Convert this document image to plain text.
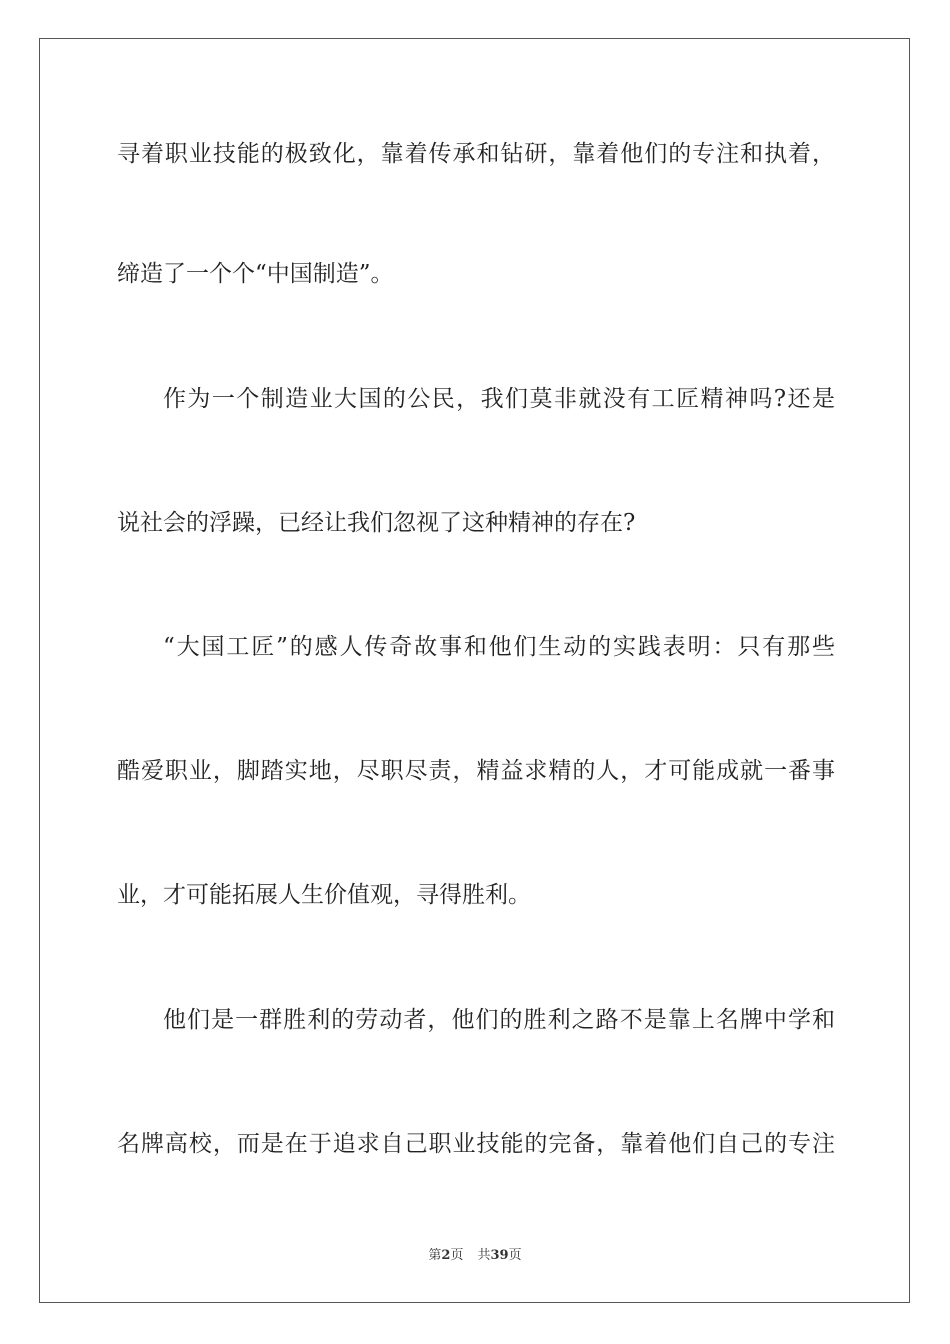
寻着职业技能的极致化，靠着传承和钻研，靠着他们的专注和执着，
缔造了一个个“中国制造”。
作为一个制造业大国的公民，我们莫非就没有工匠精神吗?还是
说社会的浮躁，已经让我们忽视了这种精神的存在?
“大国工匠”的感人传奇故事和他们生动的实践表明：只有那些
酷爱职业，脚踏实地，尽职尽责，精益求精的人，才可能成就一番事
业，才可能拓展人生价值观，寻得胜利。
他们是一群胜利的劳动者，他们的胜利之路不是靠上名牌中学和
名牌高校，而是在于追求自己职业技能的完备，靠着他们自己的专注
第2页 共39页
